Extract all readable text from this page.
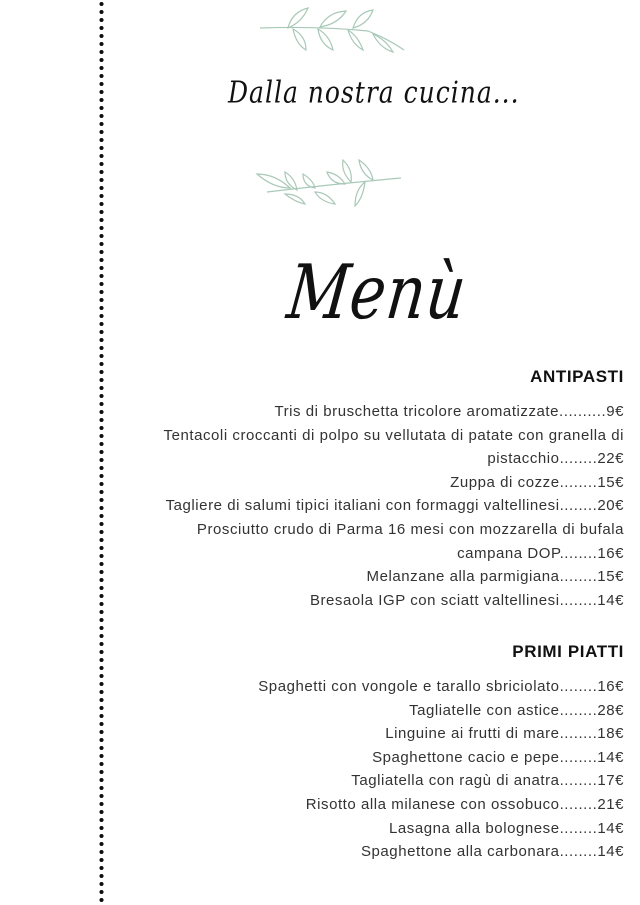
Dalla nostra cucina...
Menù
ANTIPASTI
Tris di bruschetta tricolore aromatizzate..........9€
Tentacoli croccanti di polpo su vellutata di patate con granella di pistacchio........22€
Zuppa di cozze........15€
Tagliere di salumi tipici italiani con formaggi valtellinesi........20€
Prosciutto crudo di Parma 16 mesi con mozzarella di bufala campana DOP........16€
Melanzane alla parmigiana........15€
Bresaola IGP con sciatt valtellinesi........14€
PRIMI PIATTI
Spaghetti con vongole e tarallo sbriciolato........16€
Tagliatelle con astice........28€
Linguine ai frutti di mare........18€
Spaghettone cacio e pepe........14€
Tagliatella con ragù di anatra........17€
Risotto alla milanese con ossobuco........21€
Lasagna alla bolognese........14€
Spaghettone alla carbonara........14€
